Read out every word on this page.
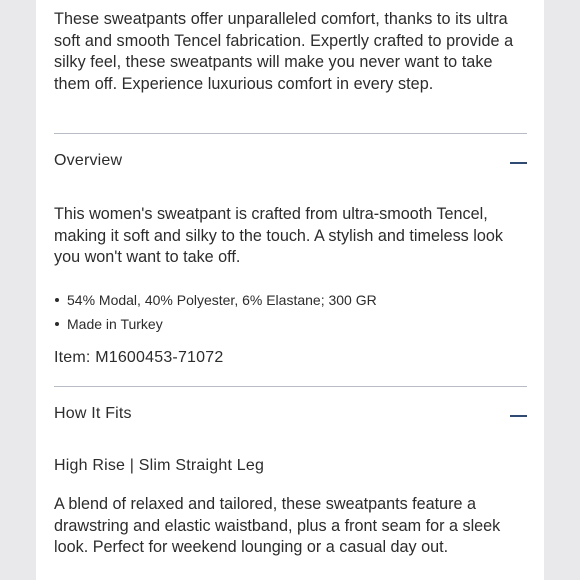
These sweatpants offer unparalleled comfort, thanks to its ultra soft and smooth Tencel fabrication. Expertly crafted to provide a silky feel, these sweatpants will make you never want to take them off. Experience luxurious comfort in every step.
Overview
This women's sweatpant is crafted from ultra-smooth Tencel, making it soft and silky to the touch. A stylish and timeless look you won't want to take off.
54% Modal, 40% Polyester, 6% Elastane; 300 GR
Made in Turkey
Item: M1600453-71072
How It Fits
High Rise | Slim Straight Leg
A blend of relaxed and tailored, these sweatpants feature a drawstring and elastic waistband, plus a front seam for a sleek look. Perfect for weekend lounging or a casual day out.
